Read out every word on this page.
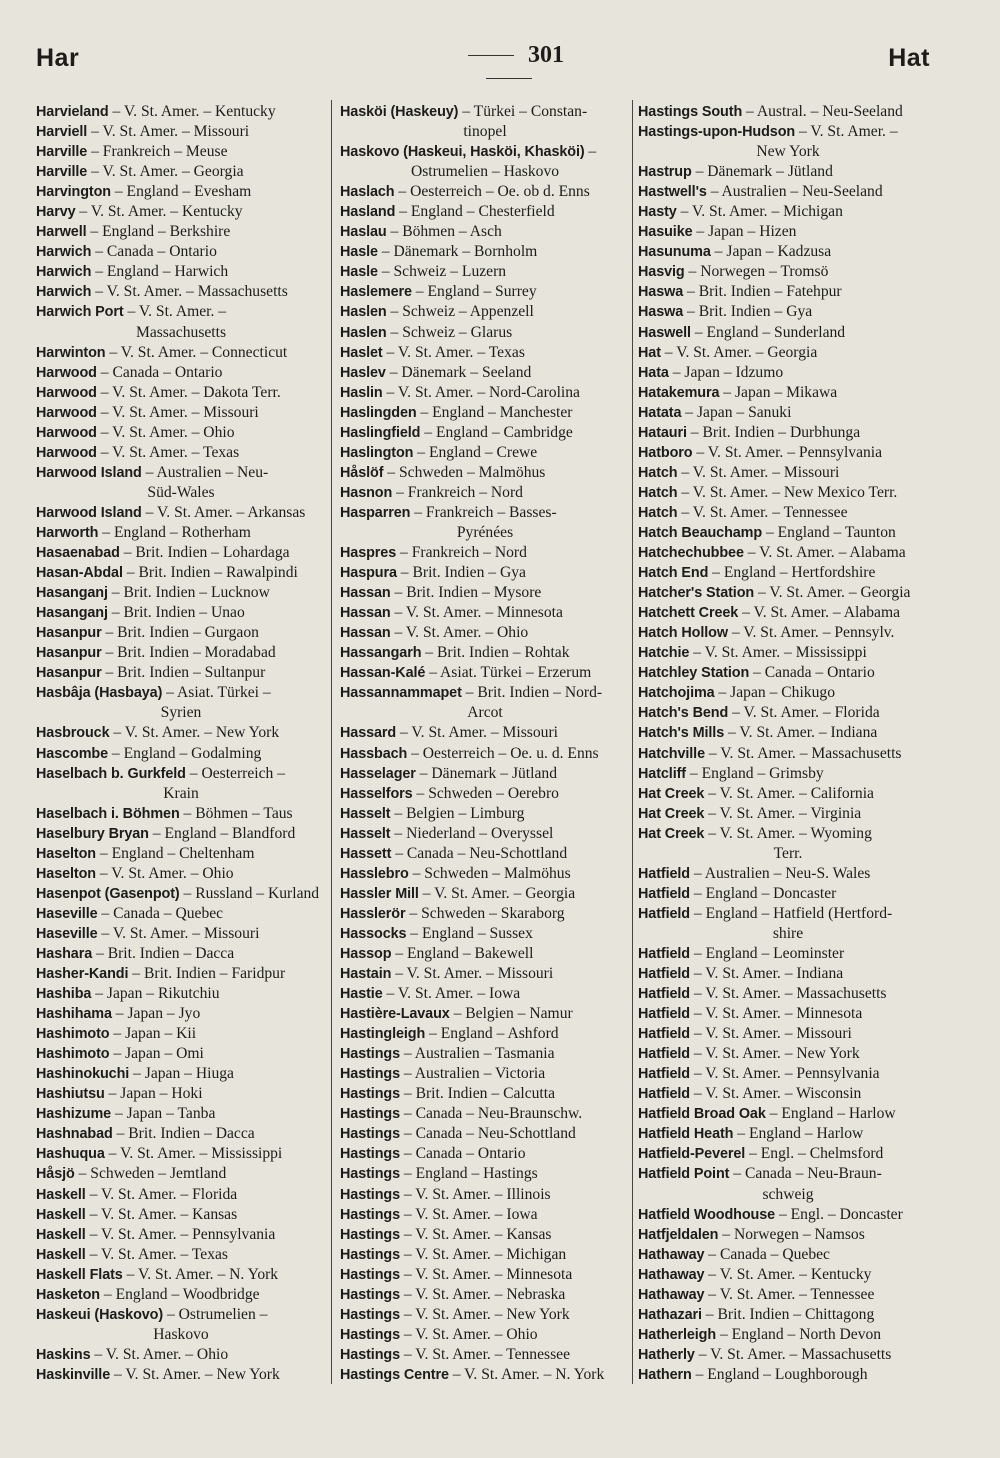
Har	301	Hat
Harvieland – V. St. Amer. – Kentucky
Harviell – V. St. Amer. – Missouri
Harville – Frankreich – Meuse
Harville – V. St. Amer. – Georgia
Harvington – England – Evesham
Harvy – V. St. Amer. – Kentucky
Harwell – England – Berkshire
Harwich – Canada – Ontario
Harwich – England – Harwich
Harwich – V. St. Amer. – Massachusetts
Harwich Port – V. St. Amer. –
Massachusetts
Harwinton – V. St. Amer. – Connecticut
Harwood – Canada – Ontario
Harwood – V. St. Amer. – Dakota Terr.
Harwood – V. St. Amer. – Missouri
Harwood – V. St. Amer. – Ohio
Harwood – V. St. Amer. – Texas
Harwood Island – Australien – Neu-
Süd-Wales
Harwood Island – V. St. Amer. – Arkansas
Harworth – England – Rotherham
Hasaenabad – Brit. Indien – Lohardaga
Hasan-Abdal – Brit. Indien – Rawalpindi
Hasanganj – Brit. Indien – Lucknow
Hasanganj – Brit. Indien – Unao
Hasanpur – Brit. Indien – Gurgaon
Hasanpur – Brit. Indien – Moradabad
Hasanpur – Brit. Indien – Sultanpur
Hasbâja (Hasbaya) – Asiat. Türkei –
Syrien
Hasbrouck – V. St. Amer. – New York
Hascombe – England – Godalming
Haselbach b. Gurkfeld – Oesterreich –
Krain
Haselbach i. Böhmen – Böhmen – Taus
Haselbury Bryan – England – Blandford
Haselton – England – Cheltenham
Haselton – V. St. Amer. – Ohio
Hasenpot (Gasenpot) – Russland – Kurland
Haseville – Canada – Quebec
Haseville – V. St. Amer. – Missouri
Hashara – Brit. Indien – Dacca
Hasher-Kandi – Brit. Indien – Faridpur
Hashiba – Japan – Rikutchiu
Hashihama – Japan – Jyo
Hashimoto – Japan – Kii
Hashimoto – Japan – Omi
Hashinokuchi – Japan – Hiuga
Hashiutsu – Japan – Hoki
Hashizume – Japan – Tanba
Hashnabad – Brit. Indien – Dacca
Hashuqua – V. St. Amer. – Mississippi
Håsjö – Schweden – Jemtland
Haskell – V. St. Amer. – Florida
Haskell – V. St. Amer. – Kansas
Haskell – V. St. Amer. – Pennsylvania
Haskell – V. St. Amer. – Texas
Haskell Flats – V. St. Amer. – N. York
Hasketon – England – Woodbridge
Haskeui (Haskovo) – Ostrumelien –
Haskovo
Haskins – V. St. Amer. – Ohio
Haskinville – V. St. Amer. – New York
Hasköi (Haskeuy) – Türkei – Constan-
tinopel
Haskovo (Haskeui, Hasköi, Khasköi) –
Ostrumelien – Haskovo
Haslach – Oesterreich – Oe. ob d. Enns
Hasland – England – Chesterfield
Haslau – Böhmen – Asch
Hasle – Dänemark – Bornholm
Hasle – Schweiz – Luzern
Haslemere – England – Surrey
Haslen – Schweiz – Appenzell
Haslen – Schweiz – Glarus
Haslet – V. St. Amer. – Texas
Haslev – Dänemark – Seeland
Haslin – V. St. Amer. – Nord-Carolina
Haslingden – England – Manchester
Haslingfield – England – Cambridge
Haslington – England – Crewe
Håslöf – Schweden – Malmöhus
Hasnon – Frankreich – Nord
Hasparren – Frankreich – Basses-
Pyrénées
Haspres – Frankreich – Nord
Haspura – Brit. Indien – Gya
Hassan – Brit. Indien – Mysore
Hassan – V. St. Amer. – Minnesota
Hassan – V. St. Amer. – Ohio
Hassangarh – Brit. Indien – Rohtak
Hassan-Kalé – Asiat. Türkei – Erzerum
Hassannammapet – Brit. Indien – Nord-
Arcot
Hassard – V. St. Amer. – Missouri
Hassbach – Oesterreich – Oe. u. d. Enns
Hasselager – Dänemark – Jütland
Hasselfors – Schweden – Oerebro
Hasselt – Belgien – Limburg
Hasselt – Niederland – Overyssel
Hassett – Canada – Neu-Schottland
Hasslebro – Schweden – Malmöhus
Hassler Mill – V. St. Amer. – Georgia
Hasslerör – Schweden – Skaraborg
Hassocks – England – Sussex
Hassop – England – Bakewell
Hastain – V. St. Amer. – Missouri
Hastie – V. St. Amer. – Iowa
Hastière-Lavaux – Belgien – Namur
Hastingleigh – England – Ashford
Hastings – Australien – Tasmania
Hastings – Australien – Victoria
Hastings – Brit. Indien – Calcutta
Hastings – Canada – Neu-Braunschw.
Hastings – Canada – Neu-Schottland
Hastings – Canada – Ontario
Hastings – England – Hastings
Hastings – V. St. Amer. – Illinois
Hastings – V. St. Amer. – Iowa
Hastings – V. St. Amer. – Kansas
Hastings – V. St. Amer. – Michigan
Hastings – V. St. Amer. – Minnesota
Hastings – V. St. Amer. – Nebraska
Hastings – V. St. Amer. – New York
Hastings – V. St. Amer. – Ohio
Hastings – V. St. Amer. – Tennessee
Hastings Centre – V. St. Amer. – N. York
Hastings South – Austral. – Neu-Seeland
Hastings-upon-Hudson – V. St. Amer. –
New York
Hastrup – Dänemark – Jütland
Hastwell's – Australien – Neu-Seeland
Hasty – V. St. Amer. – Michigan
Hasuike – Japan – Hizen
Hasunuma – Japan – Kadzusa
Hasvig – Norwegen – Tromsö
Haswa – Brit. Indien – Fatehpur
Haswa – Brit. Indien – Gya
Haswell – England – Sunderland
Hat – V. St. Amer. – Georgia
Hata – Japan – Idzumo
Hatakemura – Japan – Mikawa
Hatata – Japan – Sanuki
Hatauri – Brit. Indien – Durbhunga
Hatboro – V. St. Amer. – Pennsylvania
Hatch – V. St. Amer. – Missouri
Hatch – V. St. Amer. – New Mexico Terr.
Hatch – V. St. Amer. – Tennessee
Hatch Beauchamp – England – Taunton
Hatchechubbee – V. St. Amer. – Alabama
Hatch End – England – Hertfordshire
Hatcher's Station – V. St. Amer. – Georgia
Hatchett Creek – V. St. Amer. – Alabama
Hatch Hollow – V. St. Amer. – Pennsylv.
Hatchie – V. St. Amer. – Mississippi
Hatchley Station – Canada – Ontario
Hatchojima – Japan – Chikugo
Hatch's Bend – V. St. Amer. – Florida
Hatch's Mills – V. St. Amer. – Indiana
Hatchville – V. St. Amer. – Massachusetts
Hatcliff – England – Grimsby
Hat Creek – V. St. Amer. – California
Hat Creek – V. St. Amer. – Virginia
Hat Creek – V. St. Amer. – Wyoming
Terr.
Hatfield – Australien – Neu-S. Wales
Hatfield – England – Doncaster
Hatfield – England – Hatfield (Hertford-
shire
Hatfield – England – Leominster
Hatfield – V. St. Amer. – Indiana
Hatfield – V. St. Amer. – Massachusetts
Hatfield – V. St. Amer. – Minnesota
Hatfield – V. St. Amer. – Missouri
Hatfield – V. St. Amer. – New York
Hatfield – V. St. Amer. – Pennsylvania
Hatfield – V. St. Amer. – Wisconsin
Hatfield Broad Oak – England – Harlow
Hatfield Heath – England – Harlow
Hatfield-Peverel – Engl. – Chelmsford
Hatfield Point – Canada – Neu-Braun-
schweig
Hatfield Woodhouse – Engl. – Doncaster
Hatfjeldalen – Norwegen – Namsos
Hathaway – Canada – Quebec
Hathaway – V. St. Amer. – Kentucky
Hathaway – V. St. Amer. – Tennessee
Hathazari – Brit. Indien – Chittagong
Hatherleigh – England – North Devon
Hatherly – V. St. Amer. – Massachusetts
Hathern – England – Loughborough
